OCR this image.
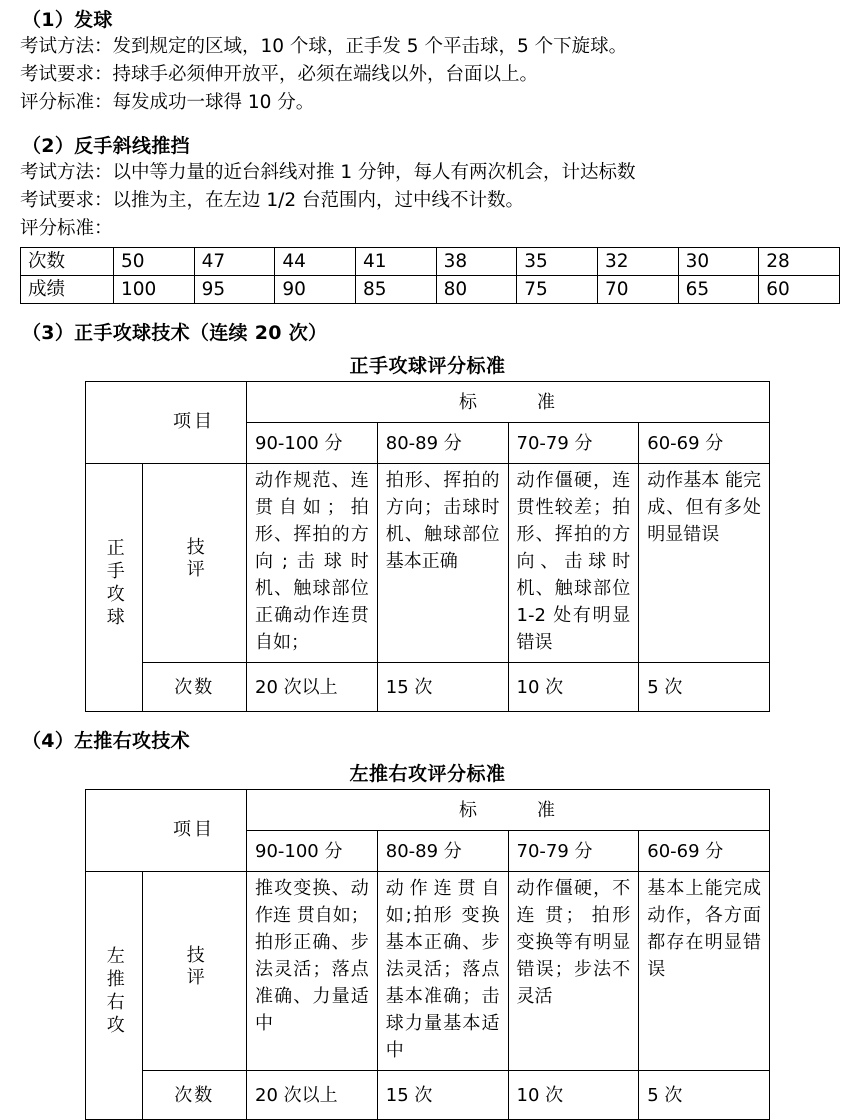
（1）发球
考试方法：发到规定的区域，10 个球，正手发 5 个平击球，5 个下旋球。
考试要求：持球手必须伸开放平，必须在端线以外，台面以上。
评分标准：每发成功一球得 10 分。
（2）反手斜线推挡
考试方法：以中等力量的近台斜线对推 1 分钟，每人有两次机会，计达标数
考试要求：以推为主，在左边 1/2 台范围内，过中线不计数。
评分标准：
次数	50	47	44	41	38	35	32	30	28
成绩	100	95	90	85	80	75	70	65	60
（3）正手攻球技术（连续 20 次）
正手攻球评分标准

	项目	标 准			
		90-100 分	80-89 分	70-79 分	60-69 分
正手攻球	技评	动作规范、连贯自如；拍形、挥拍的方向;击球时机、触球部位正确动作连贯自如；	拍形、挥拍的方向；击球时机、触球部位基本正确	动作僵硬，连贯性较差；拍形、挥拍的方向、击球时机、触球部位1-2 处有明显错误	动作基本 能完成、但有多处明显错误
	次数	20 次以上	15 次	10 次	5 次
（4）左推右攻技术
左推右攻评分标准

	项目	标 准			
		90-100 分	80-89 分	70-79 分	60-69 分
左推右攻	技评	推攻变换、动作连 贯自如；拍形正确、步法灵活；落点准确、力量适中	动作连贯自如;拍形 变换基本正确、步法灵活；落点基本准确；击球力量基本适中	动作僵硬，不连 贯； 拍形变换等有明显错误；步法不灵活	基本上能完成动作，各方面都存在明显错误
	次数	20 次以上	15 次	10 次	5 次
